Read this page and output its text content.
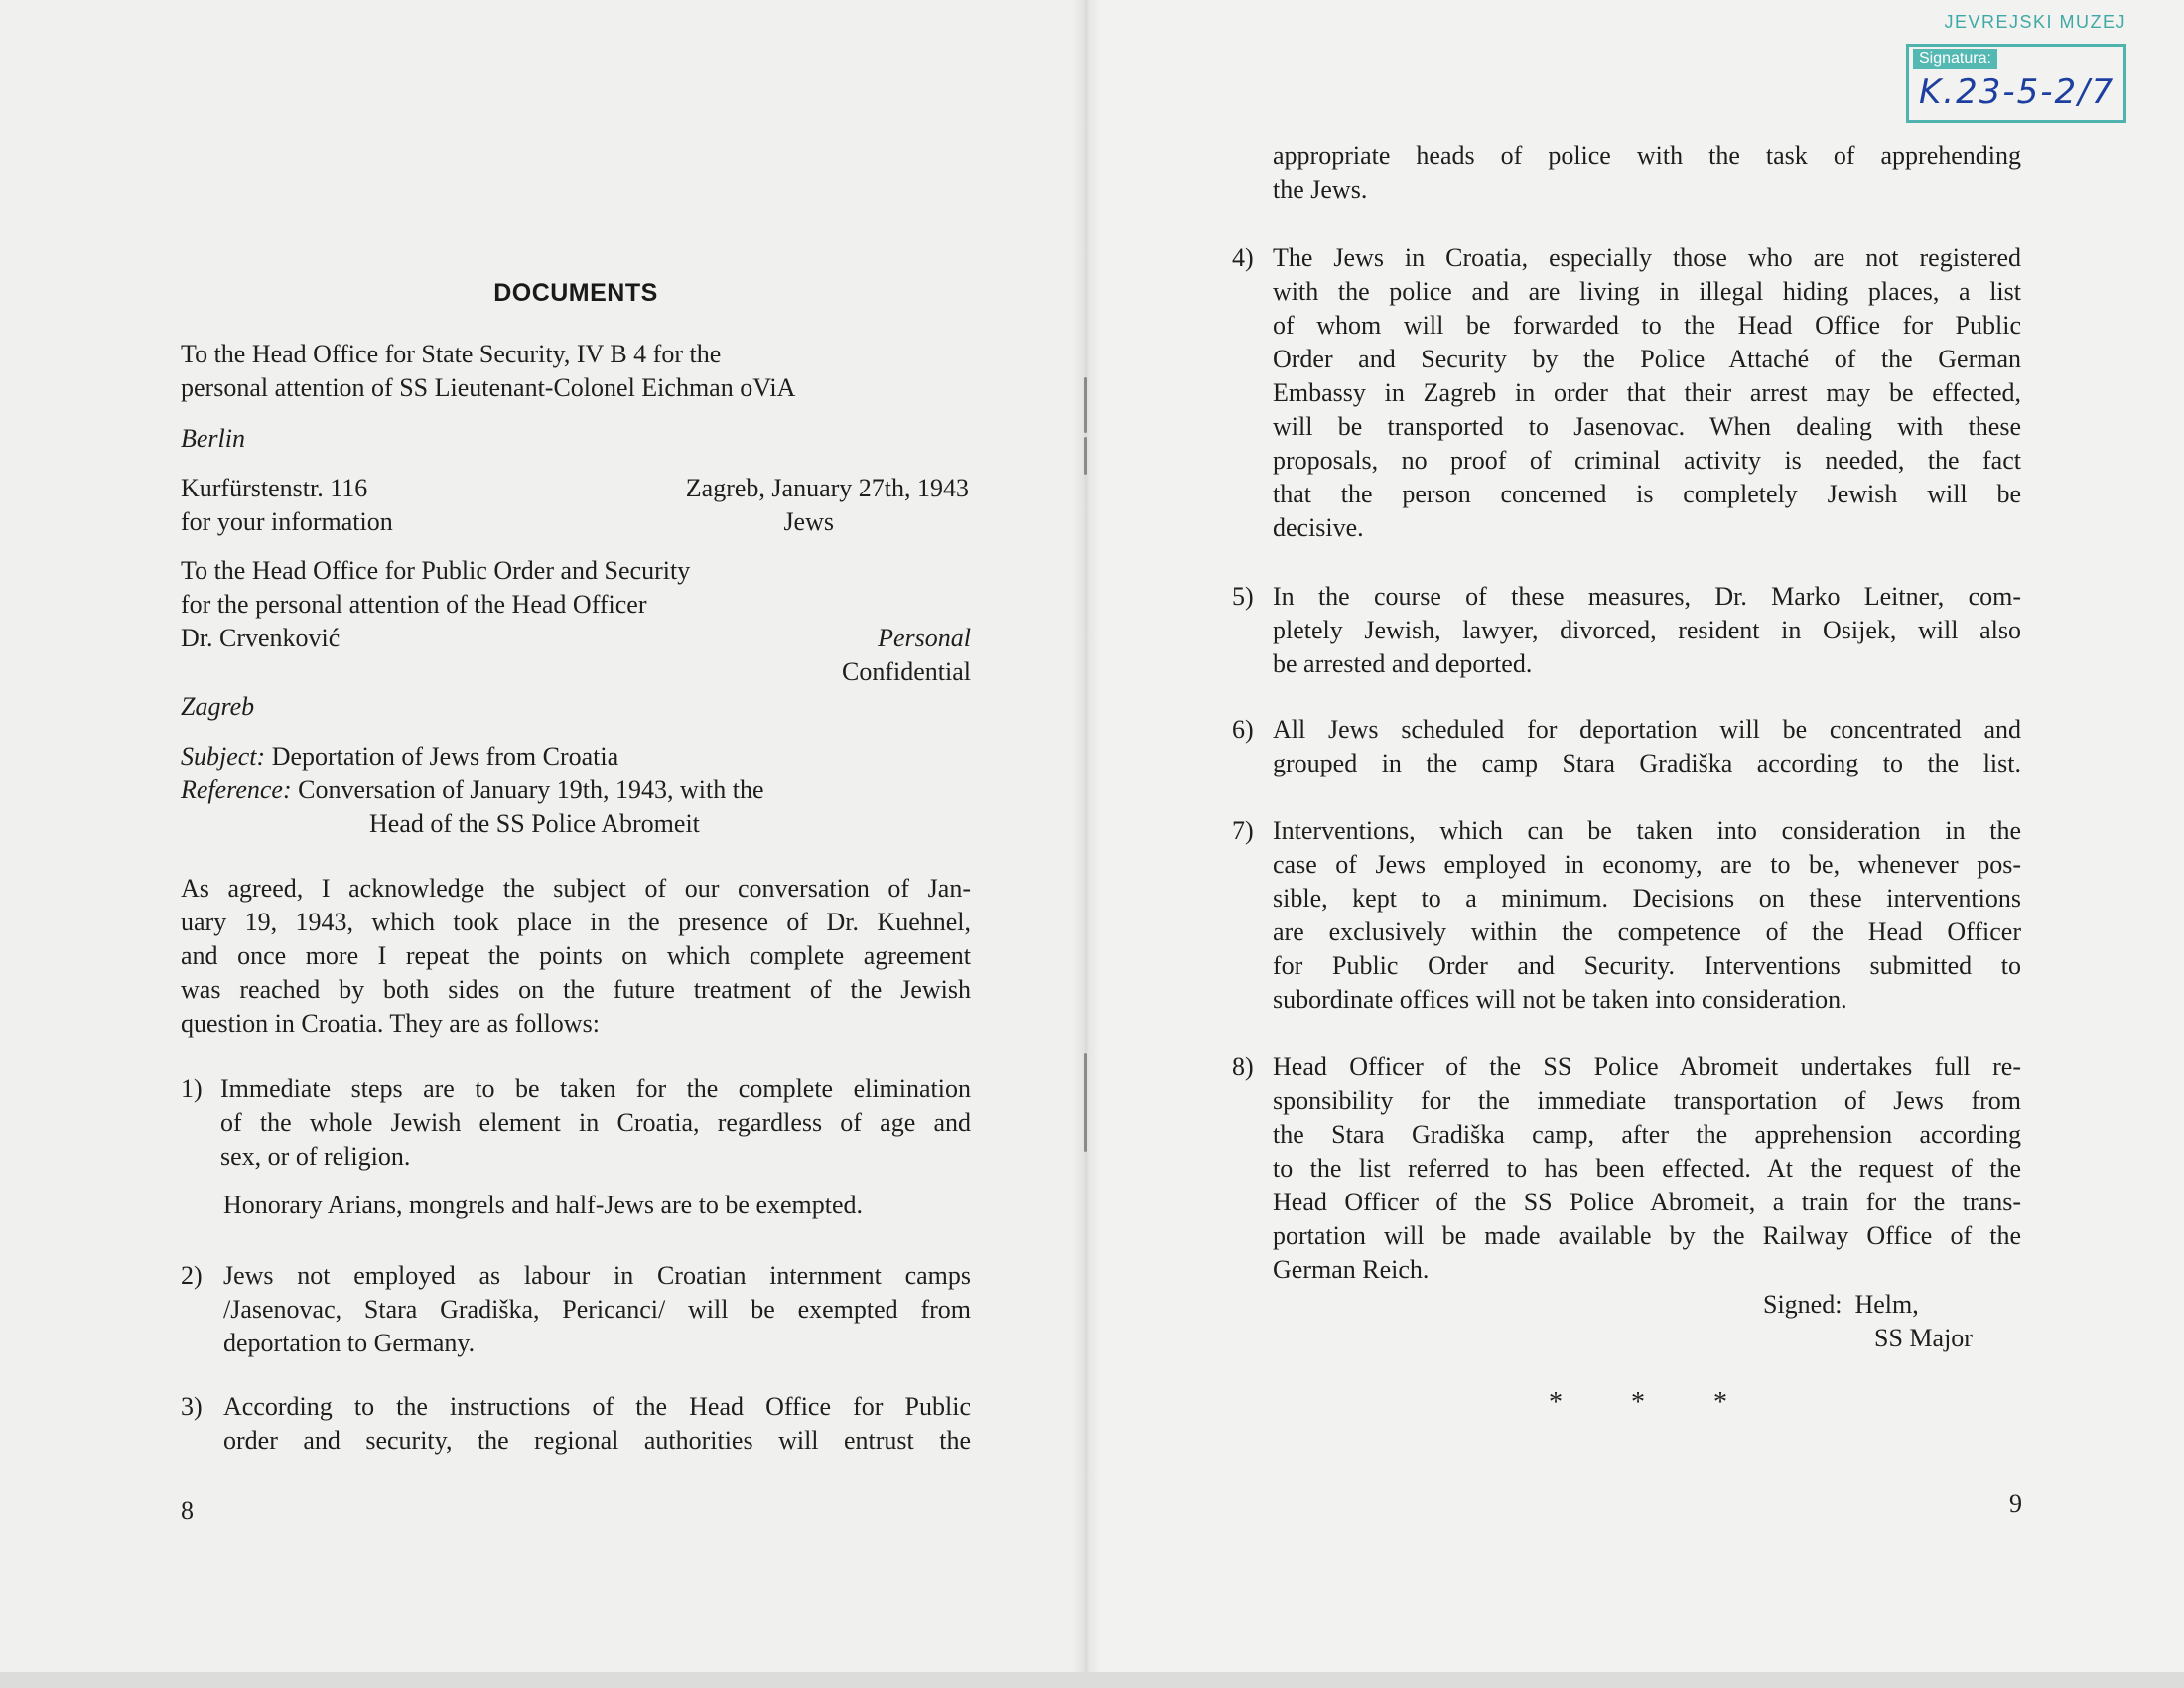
JEVREJSKI MUZEJ
Signatura:
K.23-5-2/7
DOCUMENTS
To the Head Office for State Security, IV B 4 for the
personal attention of SS Lieutenant-Colonel Eichman oViA
Berlin
Kurfürstenstr. 116	Zagreb, January 27th, 1943
for your information	Jews
To the Head Office for Public Order and Security
for the personal attention of the Head Officer
Dr. Crvenković	Personal
Confidential
Zagreb
Subject: Deportation of Jews from Croatia
Reference: Conversation of January 19th, 1943, with the
Head of the SS Police Abromeit
As agreed, I acknowledge the subject of our conversation of Jan-
uary 19, 1943, which took place in the presence of Dr. Kuehnel,
and once more I repeat the points on which complete agreement
was reached by both sides on the future treatment of the Jewish
question in Croatia. They are as follows:
1) Immediate steps are to be taken for the complete elimination
of the whole Jewish element in Croatia, regardless of age and
sex, or of religion.
Honorary Arians, mongrels and half-Jews are to be exempted.
2) Jews not employed as labour in Croatian internment camps
/Jasenovac, Stara Gradiška, Pericanci/ will be exempted from
deportation to Germany.
3) According to the instructions of the Head Office for Public
order and security, the regional authorities will entrust the
8
appropriate heads of police with the task of apprehending
the Jews.
4) The Jews in Croatia, especially those who are not registered
with the police and are living in illegal hiding places, a list
of whom will be forwarded to the Head Office for Public
Order and Security by the Police Attaché of the German
Embassy in Zagreb in order that their arrest may be effected,
will be transported to Jasenovac. When dealing with these
proposals, no proof of criminal activity is needed, the fact
that the person concerned is completely Jewish will be
decisive.
5) In the course of these measures, Dr. Marko Leitner, com-
pletely Jewish, lawyer, divorced, resident in Osijek, will also
be arrested and deported.
6) All Jews scheduled for deportation will be concentrated and
grouped in the camp Stara Gradiška according to the list.
7) Interventions, which can be taken into consideration in the
case of Jews employed in economy, are to be, whenever pos-
sible, kept to a minimum. Decisions on these interventions
are exclusively within the competence of the Head Officer
for Public Order and Security. Interventions submitted to
subordinate offices will not be taken into consideration.
8) Head Officer of the SS Police Abromeit undertakes full re-
sponsibility for the immediate transportation of Jews from
the Stara Gradiška camp, after the apprehension according
to the list referred to has been effected. At the request of the
Head Officer of the SS Police Abromeit, a train for the trans-
portation will be made available by the Railway Office of the
German Reich.
Signed: Helm,
SS Major
* * *
9
